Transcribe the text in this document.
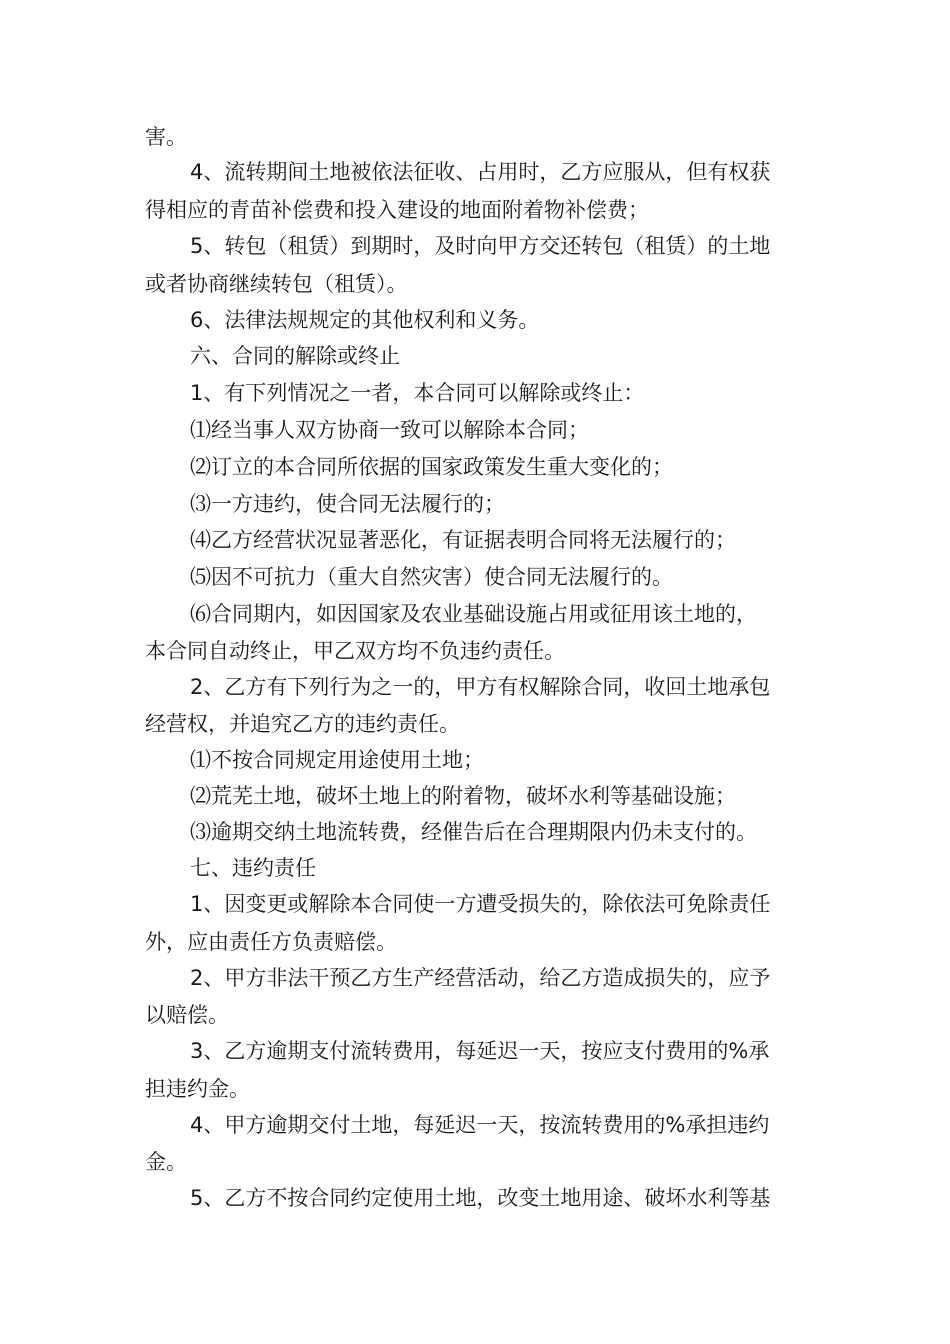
害。
4、流转期间土地被依法征收、占用时，乙方应服从，但有权获
得相应的青苗补偿费和投入建设的地面附着物补偿费；
5、转包（租赁）到期时，及时向甲方交还转包（租赁）的土地
或者协商继续转包（租赁）。
6、法律法规规定的其他权利和义务。
六、合同的解除或终止
1、有下列情况之一者，本合同可以解除或终止：
⑴经当事人双方协商一致可以解除本合同；
⑵订立的本合同所依据的国家政策发生重大变化的；
⑶一方违约，使合同无法履行的；
⑷乙方经营状况显著恶化，有证据表明合同将无法履行的；
⑸因不可抗力（重大自然灾害）使合同无法履行的。
⑹合同期内，如因国家及农业基础设施占用或征用该土地的，
本合同自动终止，甲乙双方均不负违约责任。
2、乙方有下列行为之一的，甲方有权解除合同，收回土地承包
经营权，并追究乙方的违约责任。
⑴不按合同规定用途使用土地；
⑵荒芜土地，破坏土地上的附着物，破坏水利等基础设施；
⑶逾期交纳土地流转费，经催告后在合理期限内仍未支付的。
七、违约责任
1、因变更或解除本合同使一方遭受损失的，除依法可免除责任
外，应由责任方负责赔偿。
2、甲方非法干预乙方生产经营活动，给乙方造成损失的，应予
以赔偿。
3、乙方逾期支付流转费用，每延迟一天，按应支付费用的%承
担违约金。
4、甲方逾期交付土地，每延迟一天，按流转费用的%承担违约
金。
5、乙方不按合同约定使用土地，改变土地用途、破坏水利等基
